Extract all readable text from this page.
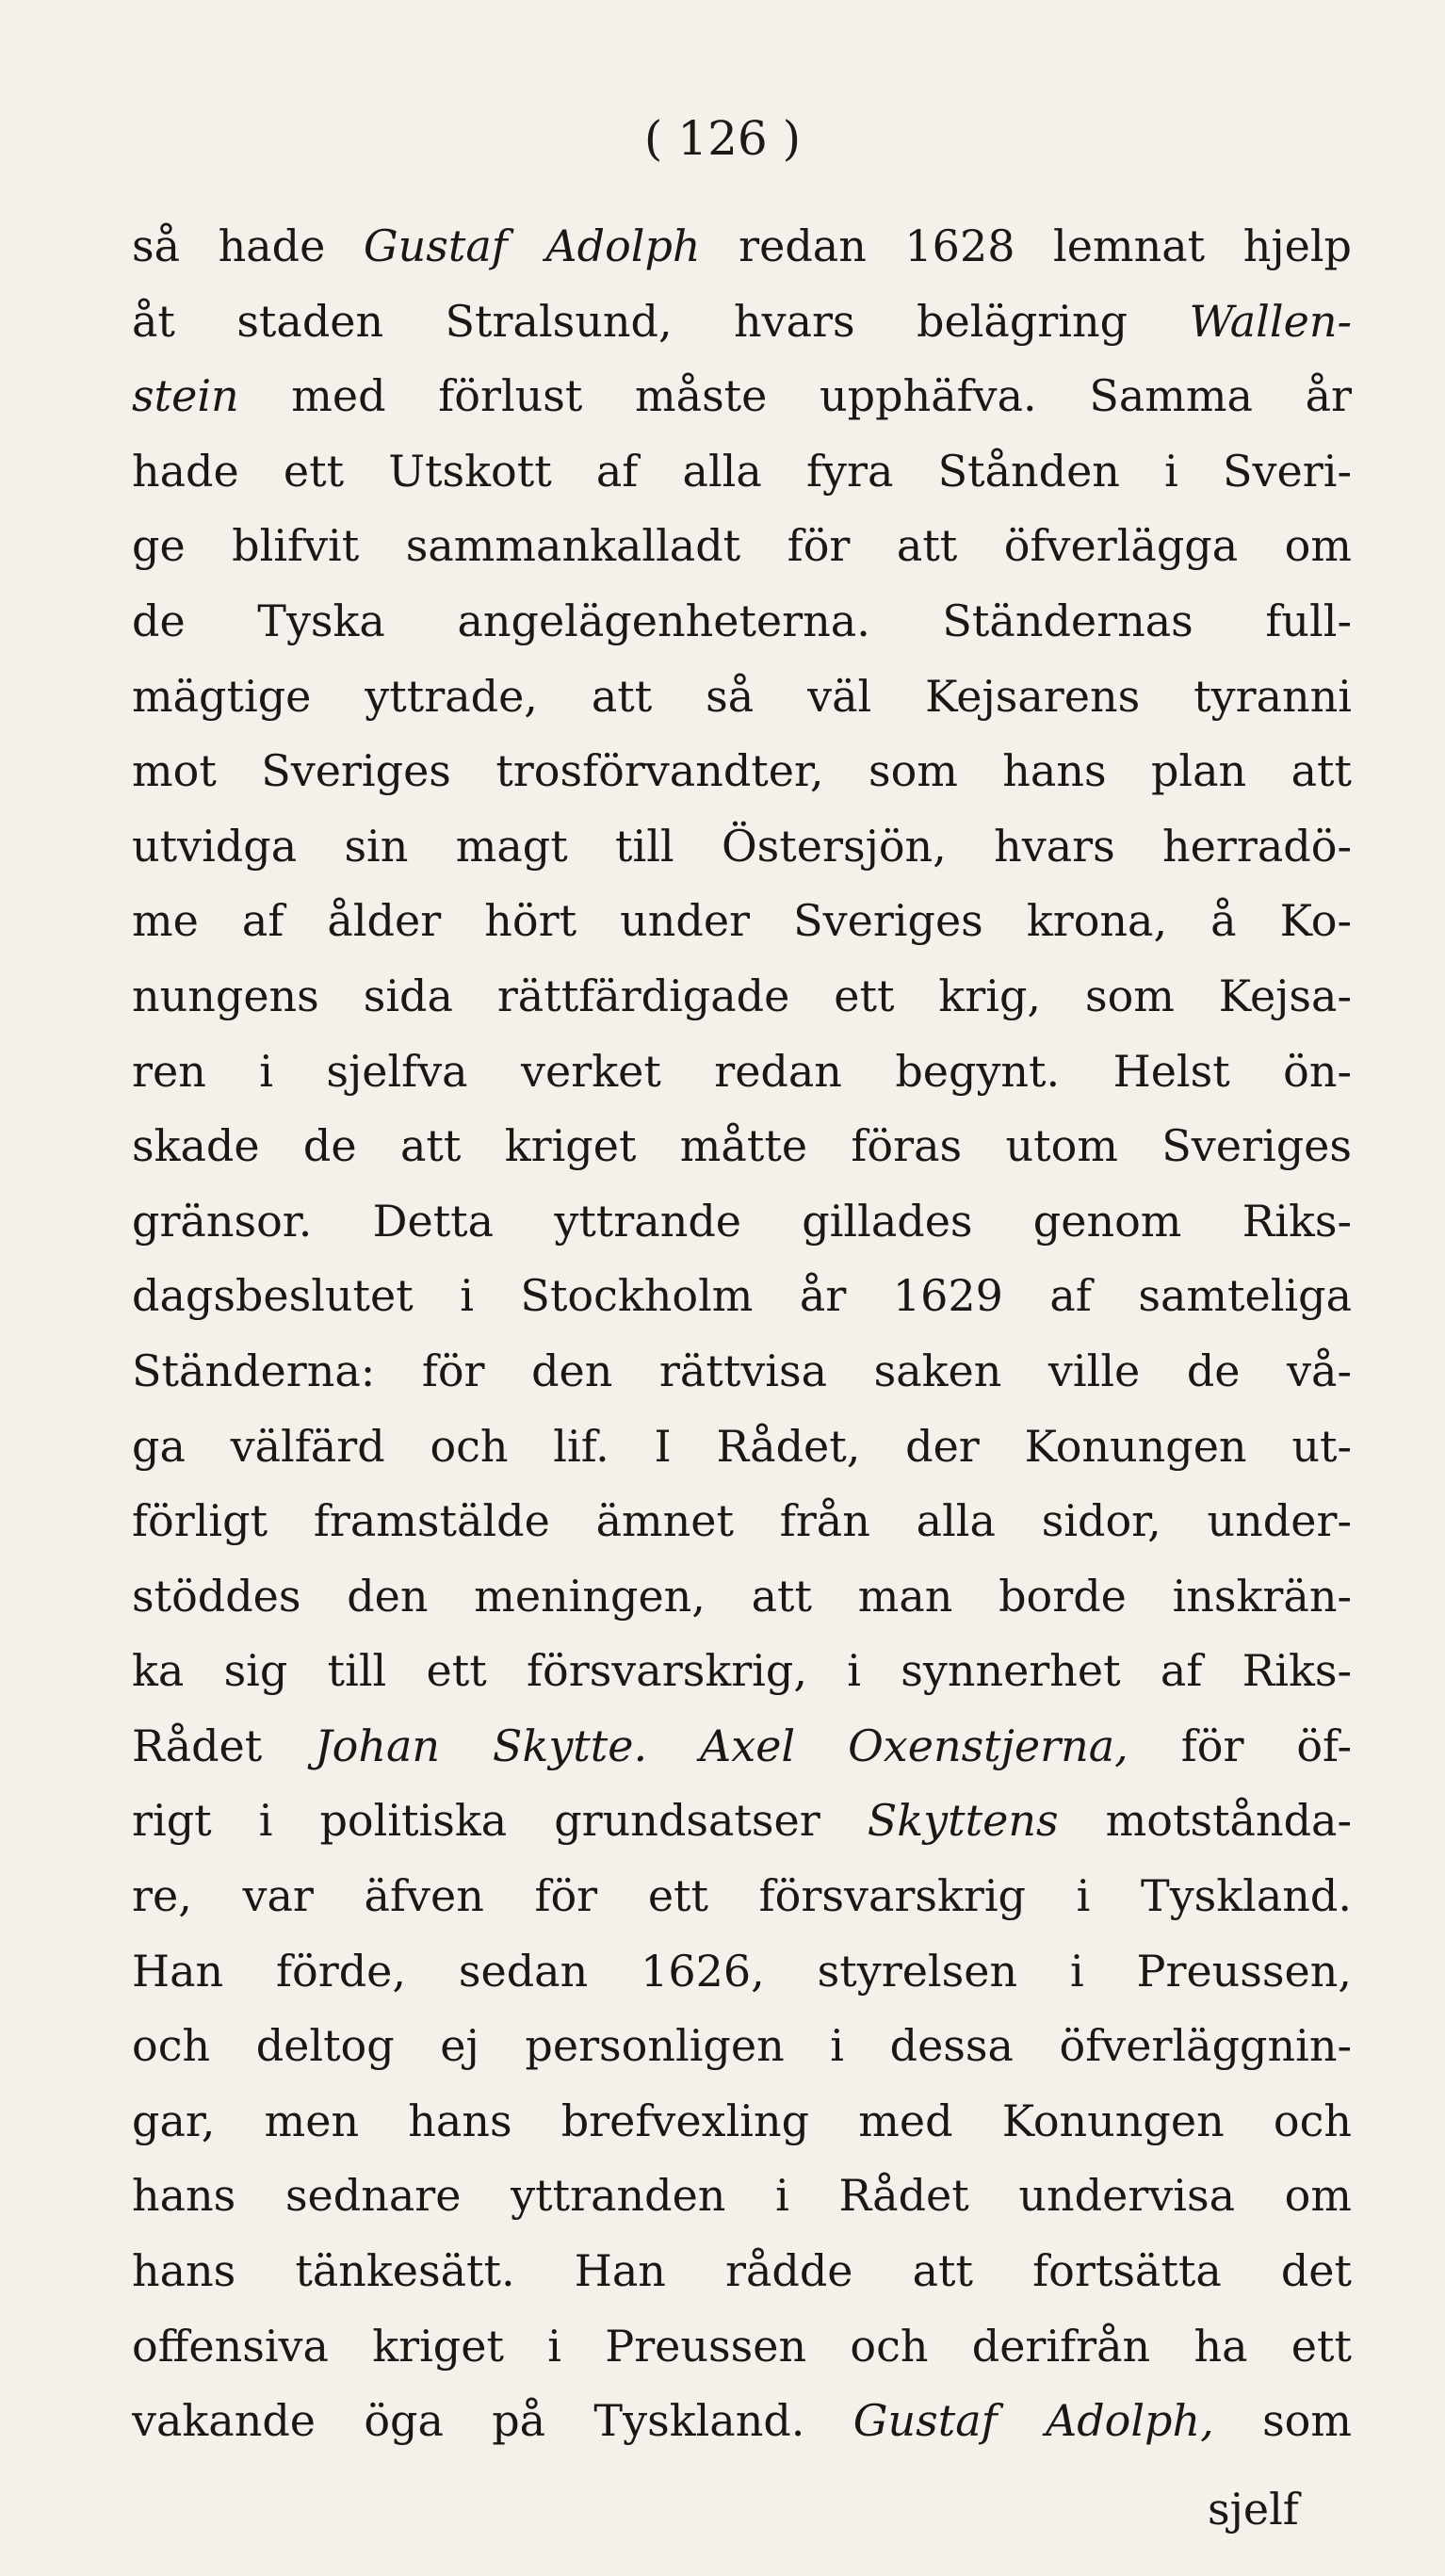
( 126 )
så hade Gustaf Adolph redan 1628 lemnat hjelp
åt staden Stralsund, hvars belägring Wallen-
stein med förlust måste upphäfva. Samma år
hade ett Utskott af alla fyra Stånden i Sveri-
ge blifvit sammankalladt för att öfverlägga om
de Tyska angelägenheterna. Ständernas full-
mägtige yttrade, att så väl Kejsarens tyranni
mot Sveriges trosförvandter, som hans plan att
utvidga sin magt till Östersjön, hvars herradö-
me af ålder hört under Sveriges krona, å Ko-
nungens sida rättfärdigade ett krig, som Kejsa-
ren i sjelfva verket redan begynt. Helst ön-
skade de att kriget måtte föras utom Sveriges
gränsor. Detta yttrande gillades genom Riks-
dagsbeslutet i Stockholm år 1629 af samteliga
Ständerna: för den rättvisa saken ville de vå-
ga välfärd och lif. I Rådet, der Konungen ut-
förligt framstälde ämnet från alla sidor, under-
stöddes den meningen, att man borde inskrän-
ka sig till ett försvarskrig, i synnerhet af Riks-
Rådet Johan Skytte. Axel Oxenstjerna, för öf-
rigt i politiska grundsatser Skyttens motstånda-
re, var äfven för ett försvarskrig i Tyskland.
Han förde, sedan 1626, styrelsen i Preussen,
och deltog ej personligen i dessa öfverläggnin-
gar, men hans brefvexling med Konungen och
hans sednare yttranden i Rådet undervisa om
hans tänkesätt. Han rådde att fortsätta det
offensiva kriget i Preussen och derifrån ha ett
vakande öga på Tyskland. Gustaf Adolph, som
sjelf
